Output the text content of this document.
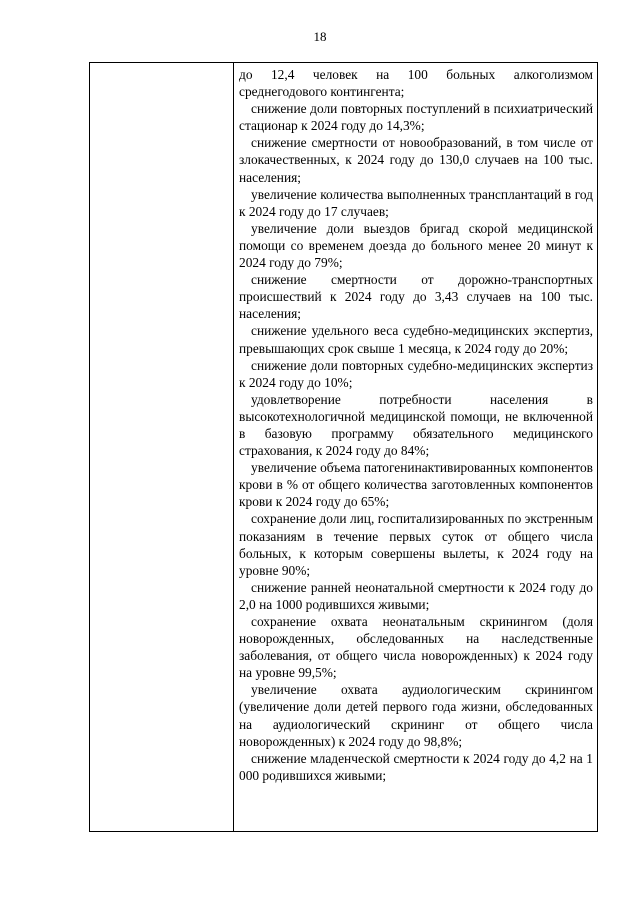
18

до 12,4 человек на 100 больных алкоголизмом среднегодового контингента;

снижение доли повторных поступлений в психиатрический стационар к 2024 году до 14,3%;

снижение смертности от новообразований, в том числе от злокачественных, к 2024 году до 130,0 случаев на 100 тыс. населения;

увеличение количества выполненных трансплантаций в год к 2024 году до 17 случаев;

увеличение доли выездов бригад скорой медицинской помощи со временем доезда до больного менее 20 минут к 2024 году до 79%;

снижение смертности от дорожно-транспортных происшествий к 2024 году до 3,43 случаев на 100 тыс. населения;

снижение удельного веса судебно-медицинских экспертиз, превышающих срок свыше 1 месяца, к 2024 году до 20%;

снижение доли повторных судебно-медицинских экспертиз к 2024 году до 10%;

удовлетворение потребности населения в высокотехнологичной медицинской помощи, не включенной в базовую программу обязательного медицинского страхования, к 2024 году до 84%;

увеличение объема патогенинактивированных компонентов крови в % от общего количества заготовленных компонентов крови к 2024 году до 65%;

сохранение доли лиц, госпитализированных по экстренным показаниям в течение первых суток от общего числа больных, к которым совершены вылеты, к 2024 году на уровне 90%;

снижение ранней неонатальной смертности к 2024 году до 2,0 на 1000 родившихся живыми;

сохранение охвата неонатальным скринингом (доля новорожденных, обследованных на наследственные заболевания, от общего числа новорожденных) к 2024 году на уровне 99,5%;

увеличение охвата аудиологическим скринингом (увеличение доли детей первого года жизни, обследованных на аудиологический скрининг от общего числа новорожденных) к 2024 году до 98,8%;

снижение младенческой смертности к 2024 году до 4,2 на 1 000 родившихся живыми;
